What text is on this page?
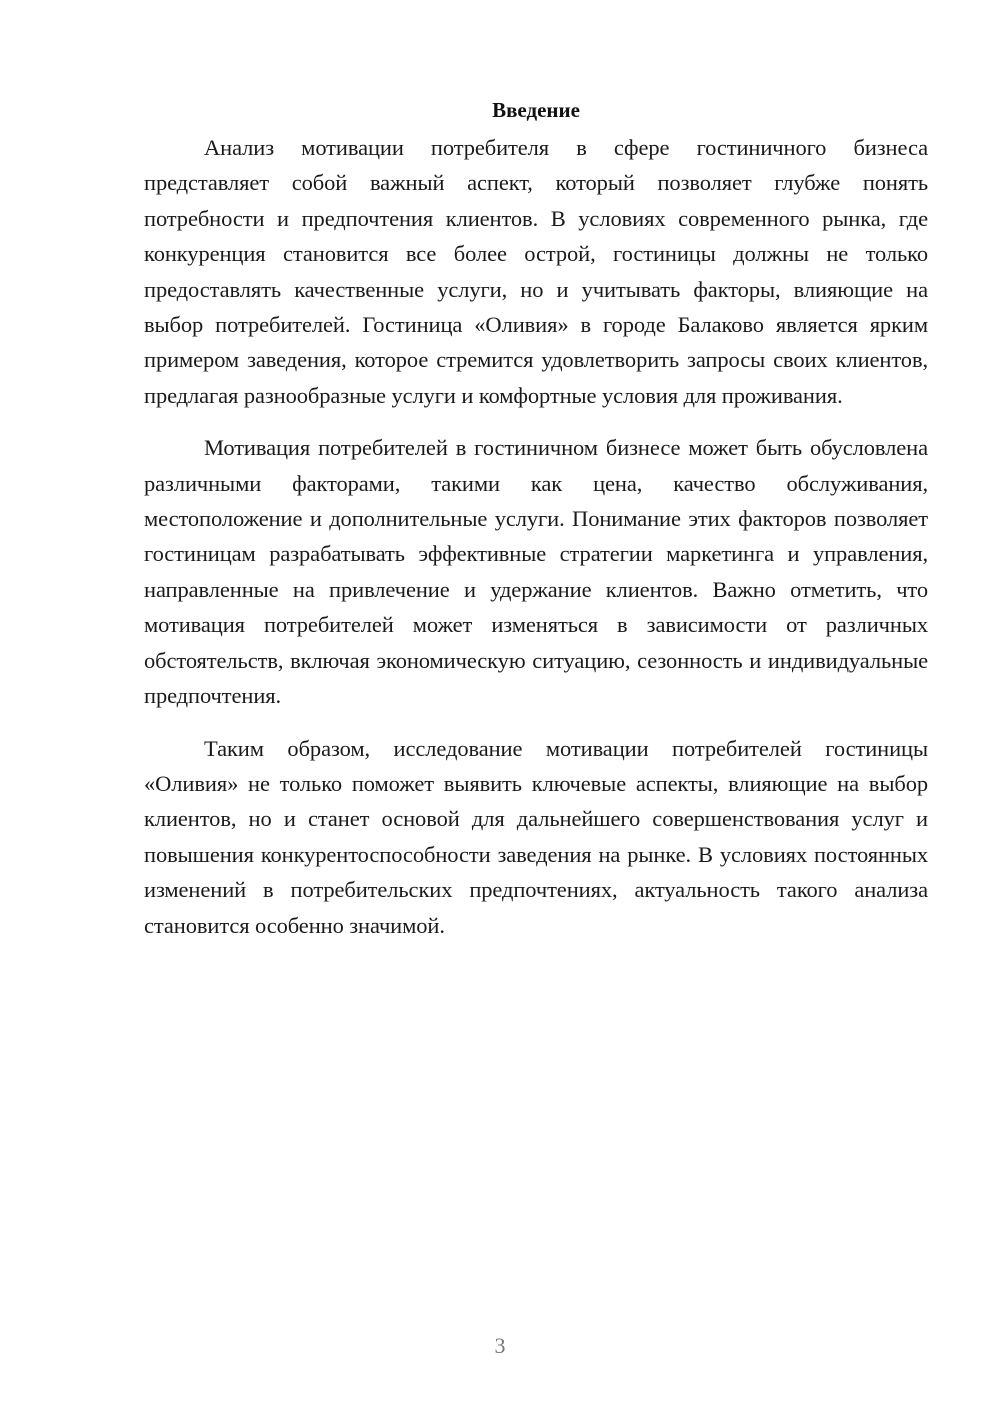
Введение

Анализ мотивации потребителя в сфере гостиничного бизнеса представляет собой важный аспект, который позволяет глубже понять потребности и предпочтения клиентов. В условиях современного рынка, где конкуренция становится все более острой, гостиницы должны не только предоставлять качественные услуги, но и учитывать факторы, влияющие на выбор потребителей. Гостиница «Оливия» в городе Балаково является ярким примером заведения, которое стремится удовлетворить запросы своих клиентов, предлагая разнообразные услуги и комфортные условия для проживания.

Мотивация потребителей в гостиничном бизнесе может быть обусловлена различными факторами, такими как цена, качество обслуживания, местоположение и дополнительные услуги. Понимание этих факторов позволяет гостиницам разрабатывать эффективные стратегии маркетинга и управления, направленные на привлечение и удержание клиентов. Важно отметить, что мотивация потребителей может изменяться в зависимости от различных обстоятельств, включая экономическую ситуацию, сезонность и индивидуальные предпочтения.

Таким образом, исследование мотивации потребителей гостиницы «Оливия» не только поможет выявить ключевые аспекты, влияющие на выбор клиентов, но и станет основой для дальнейшего совершенствования услуг и повышения конкурентоспособности заведения на рынке. В условиях постоянных изменений в потребительских предпочтениях, актуальность такого анализа становится особенно значимой.

3
